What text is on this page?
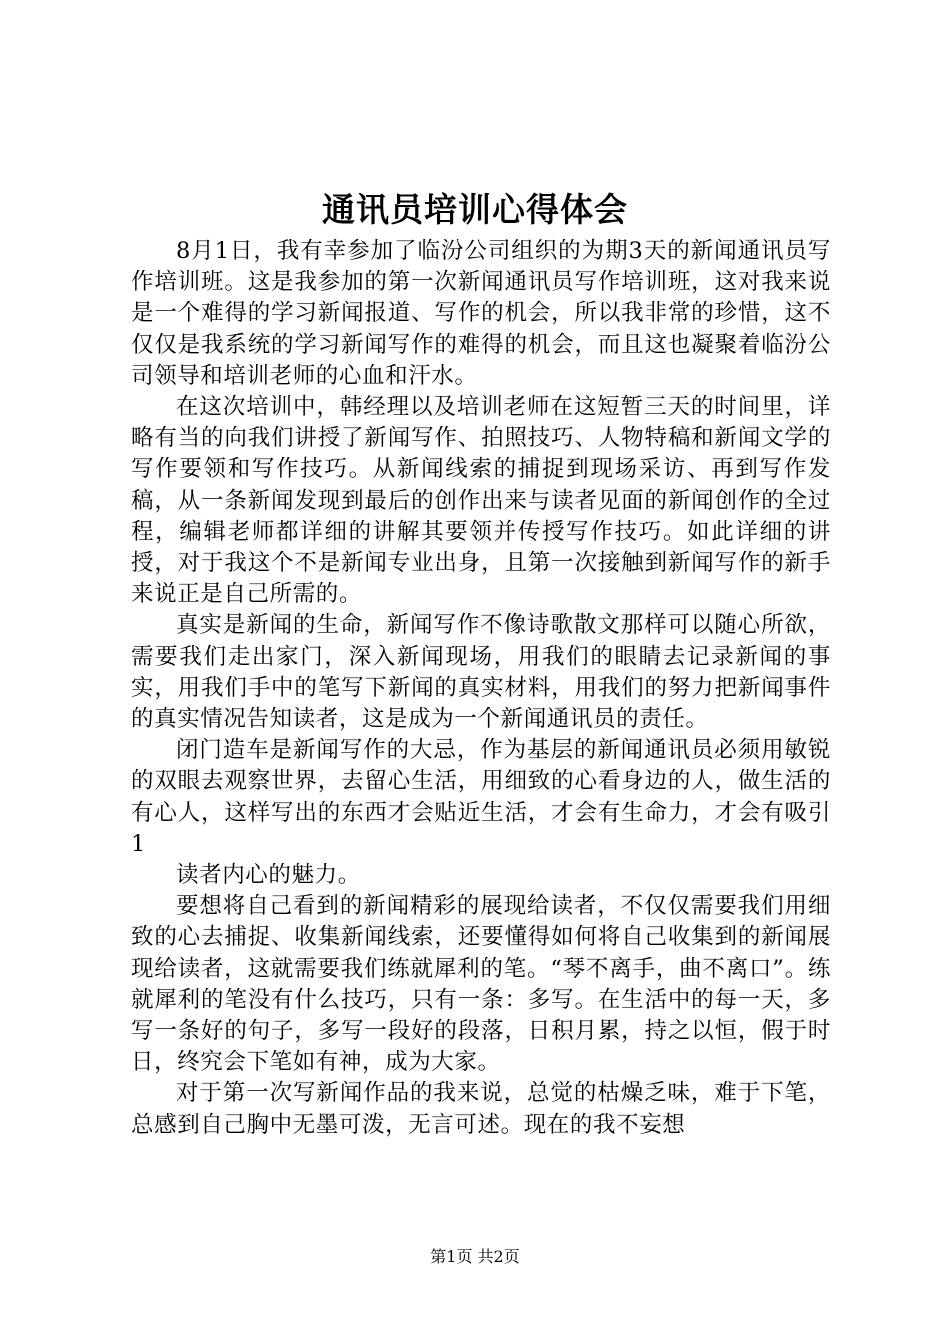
通讯员培训心得体会

8月1日，我有幸参加了临汾公司组织的为期3天的新闻通讯员写作培训班。这是我参加的第一次新闻通讯员写作培训班，这对我来说是一个难得的学习新闻报道、写作的机会，所以我非常的珍惜，这不仅仅是我系统的学习新闻写作的难得的机会，而且这也凝聚着临汾公司领导和培训老师的心血和汗水。

在这次培训中，韩经理以及培训老师在这短暂三天的时间里，详略有当的向我们讲授了新闻写作、拍照技巧、人物特稿和新闻文学的写作要领和写作技巧。从新闻线索的捕捉到现场采访、再到写作发稿，从一条新闻发现到最后的创作出来与读者见面的新闻创作的全过程，编辑老师都详细的讲解其要领并传授写作技巧。如此详细的讲授，对于我这个不是新闻专业出身，且第一次接触到新闻写作的新手来说正是自己所需的。

真实是新闻的生命，新闻写作不像诗歌散文那样可以随心所欲，需要我们走出家门，深入新闻现场，用我们的眼睛去记录新闻的事实，用我们手中的笔写下新闻的真实材料，用我们的努力把新闻事件的真实情况告知读者，这是成为一个新闻通讯员的责任。

闭门造车是新闻写作的大忌，作为基层的新闻通讯员必须用敏锐的双眼去观察世界，去留心生活，用细致的心看身边的人，做生活的有心人，这样写出的东西才会贴近生活，才会有生命力，才会有吸引1

读者内心的魅力。

要想将自己看到的新闻精彩的展现给读者，不仅仅需要我们用细致的心去捕捉、收集新闻线索，还要懂得如何将自己收集到的新闻展现给读者，这就需要我们练就犀利的笔。“琴不离手，曲不离口”。练就犀利的笔没有什么技巧，只有一条：多写。在生活中的每一天，多写一条好的句子，多写一段好的段落，日积月累，持之以恒，假于时日，终究会下笔如有神，成为大家。

对于第一次写新闻作品的我来说，总觉的枯燥乏味，难于下笔，总感到自己胸中无墨可泼，无言可述。现在的我不妄想

第1页 共2页
